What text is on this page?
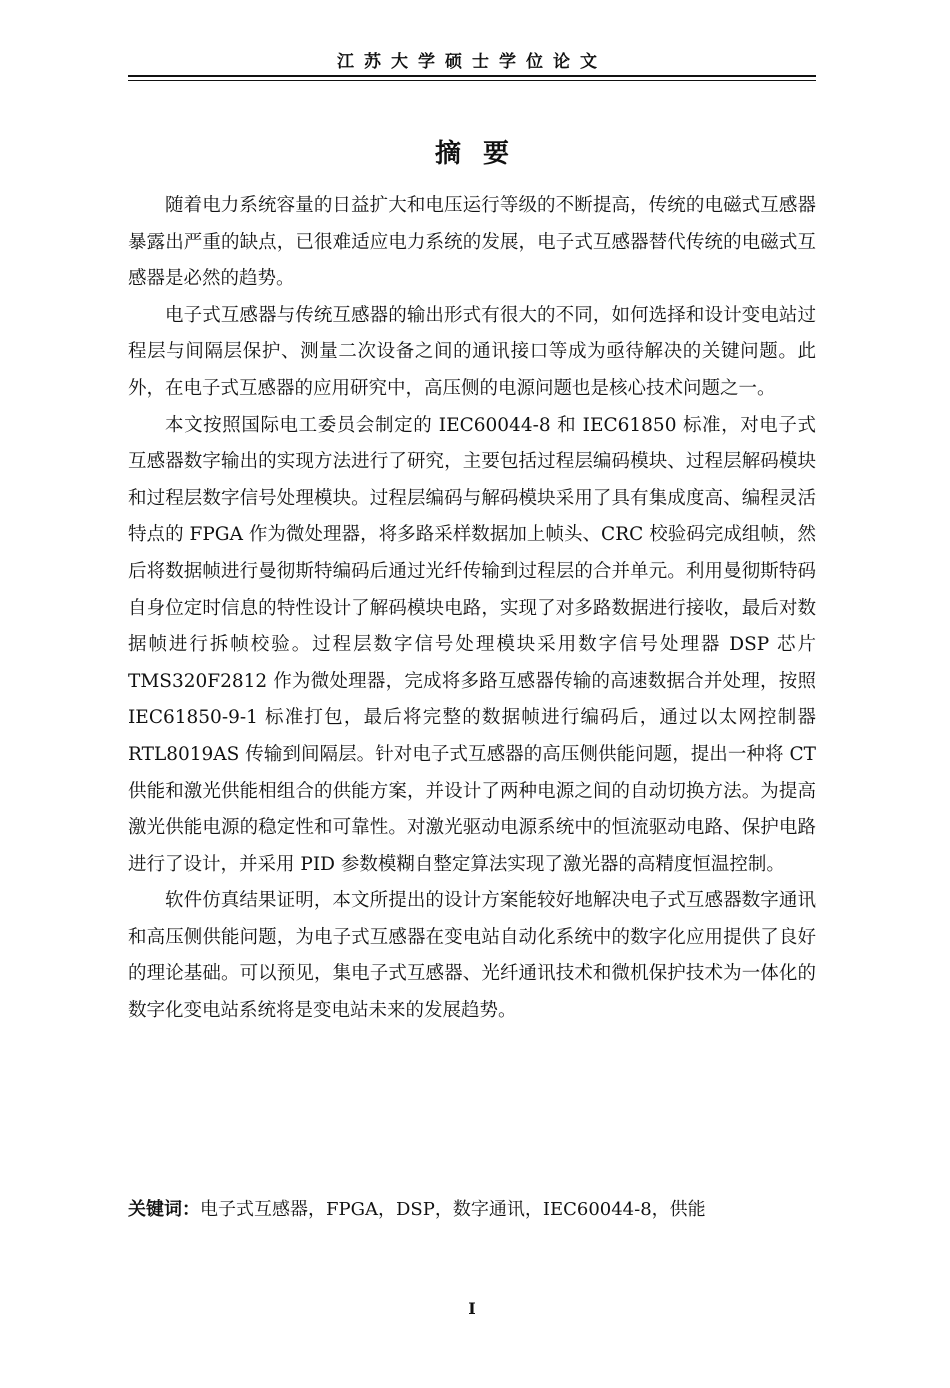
江苏大学硕士学位论文
摘要

随着电力系统容量的日益扩大和电压运行等级的不断提高，传统的电磁式互感器暴露出严重的缺点，已很难适应电力系统的发展，电子式互感器替代传统的电磁式互感器是必然的趋势。

电子式互感器与传统互感器的输出形式有很大的不同，如何选择和设计变电站过程层与间隔层保护、测量二次设备之间的通讯接口等成为亟待解决的关键问题。此外，在电子式互感器的应用研究中，高压侧的电源问题也是核心技术问题之一。

本文按照国际电工委员会制定的 IEC60044-8 和 IEC61850 标准，对电子式互感器数字输出的实现方法进行了研究，主要包括过程层编码模块、过程层解码模块和过程层数字信号处理模块。过程层编码与解码模块采用了具有集成度高、编程灵活特点的 FPGA 作为微处理器，将多路采样数据加上帧头、CRC 校验码完成组帧，然后将数据帧进行曼彻斯特编码后通过光纤传输到过程层的合并单元。利用曼彻斯特码自身位定时信息的特性设计了解码模块电路，实现了对多路数据进行接收，最后对数据帧进行拆帧校验。过程层数字信号处理模块采用数字信号处理器 DSP 芯片 TMS320F2812 作为微处理器，完成将多路互感器传输的高速数据合并处理，按照 IEC61850-9-1 标准打包，最后将完整的数据帧进行编码后，通过以太网控制器 RTL8019AS 传输到间隔层。针对电子式互感器的高压侧供能问题，提出一种将 CT 供能和激光供能相组合的供能方案，并设计了两种电源之间的自动切换方法。为提高激光供能电源的稳定性和可靠性。对激光驱动电源系统中的恒流驱动电路、保护电路进行了设计，并采用 PID 参数模糊自整定算法实现了激光器的高精度恒温控制。

软件仿真结果证明，本文所提出的设计方案能较好地解决电子式互感器数字通讯和高压侧供能问题，为电子式互感器在变电站自动化系统中的数字化应用提供了良好的理论基础。可以预见，集电子式互感器、光纤通讯技术和微机保护技术为一体化的数字化变电站系统将是变电站未来的发展趋势。

关键词：电子式互感器，FPGA，DSP，数字通讯，IEC60044-8，供能
I
